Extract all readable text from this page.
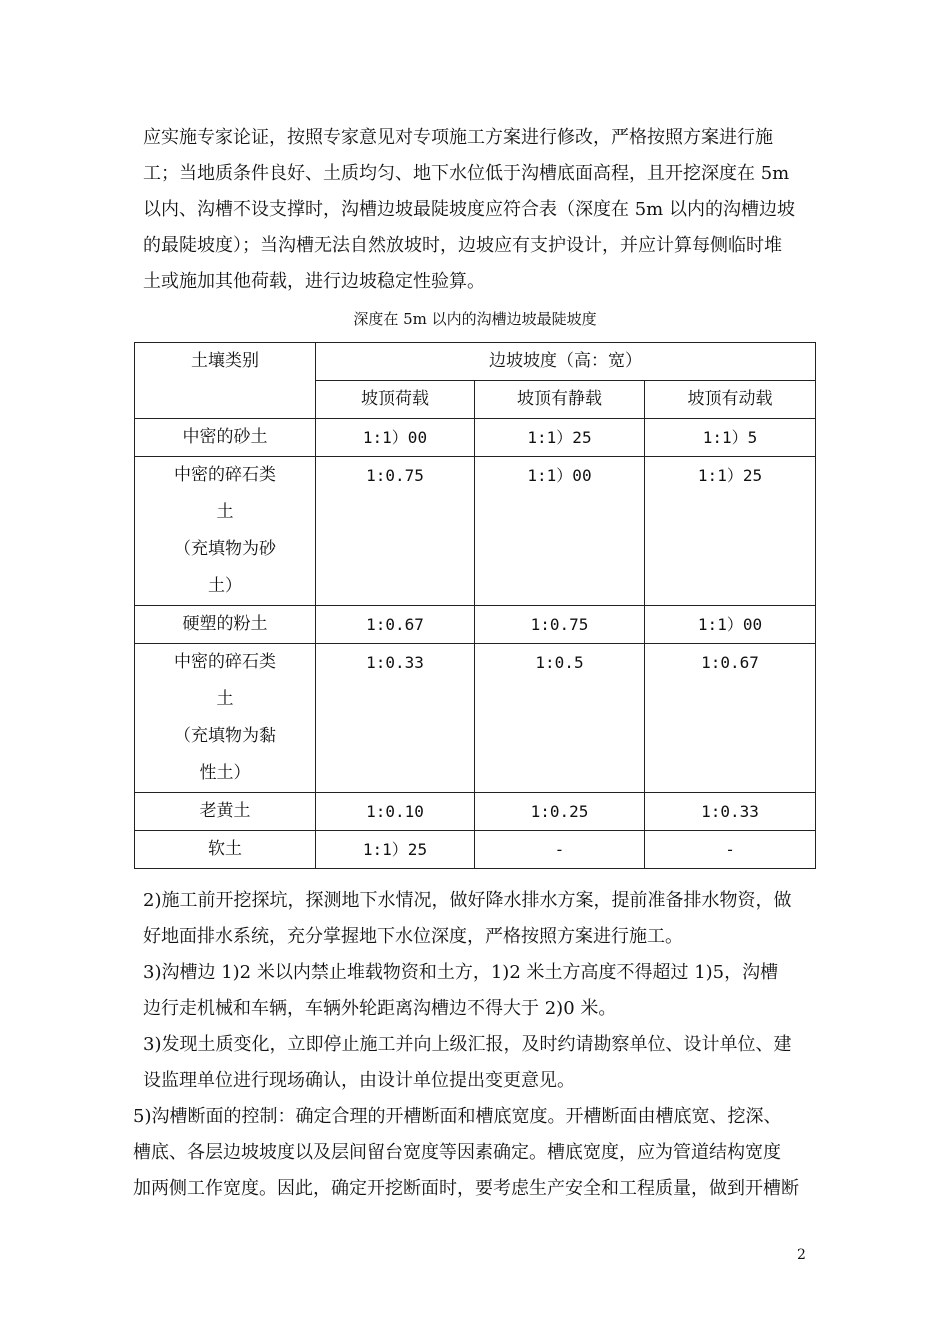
应实施专家论证，按照专家意见对专项施工方案进行修改，严格按照方案进行施
工；当地质条件良好、土质均匀、地下水位低于沟槽底面高程，且开挖深度在 5m
以内、沟槽不设支撑时，沟槽边坡最陡坡度应符合表（深度在 5m 以内的沟槽边坡
的最陡坡度）；当沟槽无法自然放坡时，边坡应有支护设计，并应计算每侧临时堆
土或施加其他荷载，进行边坡稳定性验算。

深度在 5m 以内的沟槽边坡最陡坡度
土壤类别	边坡坡度（高：宽）		
	坡顶荷载	坡顶有静载	坡顶有动载
中密的砂土	1:1）00	1:1）25	1:1）5

中密的碎石类
土
（充填物为砂
土）	1:0.75	1:1）00	1:1）25
硬塑的粉土	1:0.67	1:0.75	1:1）00

中密的碎石类
土
（充填物为黏
性土）	1:0.33	1:0.5	1:0.67
老黄土	1:0.10	1:0.25	1:0.33
软土	1:1）25	-	-

2)施工前开挖探坑，探测地下水情况，做好降水排水方案，提前准备排水物资，做
好地面排水系统，充分掌握地下水位深度，严格按照方案进行施工。

3)沟槽边 1)2 米以内禁止堆载物资和土方，1)2 米土方高度不得超过 1)5，沟槽
边行走机械和车辆，车辆外轮距离沟槽边不得大于 2)0 米。

3)发现土质变化，立即停止施工并向上级汇报，及时约请勘察单位、设计单位、建
设监理单位进行现场确认，由设计单位提出变更意见。

5)沟槽断面的控制：确定合理的开槽断面和槽底宽度。开槽断面由槽底宽、挖深、
槽底、各层边坡坡度以及层间留台宽度等因素确定。槽底宽度，应为管道结构宽度
加两侧工作宽度。因此，确定开挖断面时，要考虑生产安全和工程质量，做到开槽断

2
